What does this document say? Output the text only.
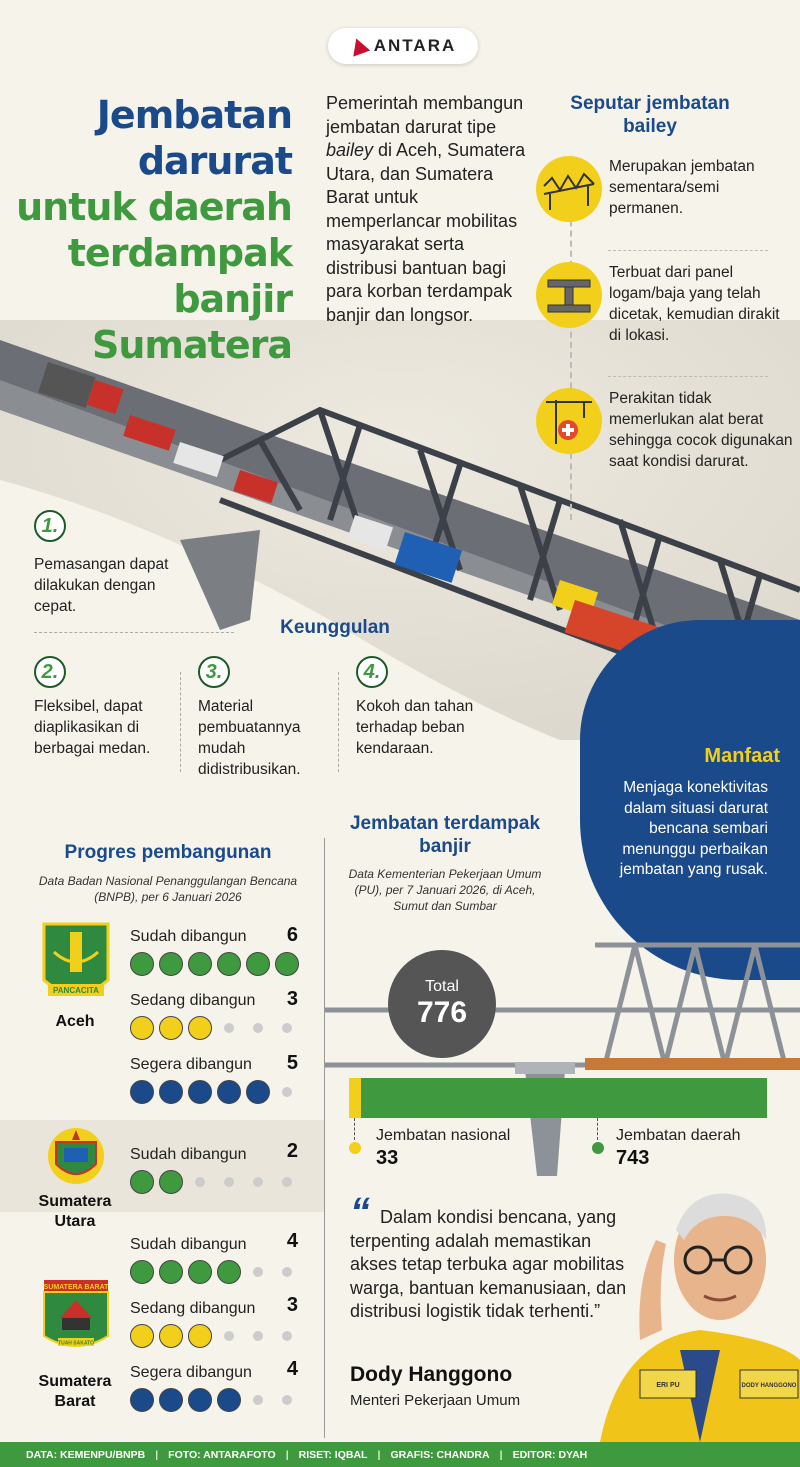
ANTARA
Jembatan
darurat
untuk daerah
terdampak
banjir
Sumatera
Pemerintah membangun jembatan darurat tipe bailey di Aceh, Sumatera Utara, dan Sumatera Barat untuk memperlancar mobilitas masyarakat serta distribusi bantuan bagi para korban terdampak banjir dan longsor.
Seputar jembatan bailey
Merupakan jembatan sementara/semi permanen.
Terbuat dari panel logam/baja yang telah dicetak, kemudian dirakit di lokasi.
Perakitan tidak memerlukan alat berat sehingga cocok digunakan saat kondisi darurat.
1.
Pemasangan dapat dilakukan dengan cepat.
Keunggulan
2.
Fleksibel, dapat diaplikasikan di berbagai medan.
3.
Material pembuatannya mudah didistribusikan.
4.
Kokoh dan tahan terhadap beban kendaraan.	Manfaat
Menjaga konektivitas dalam situasi darurat bencana sembari menunggu perbaikan jembatan yang rusak.
Progres pembangunan
Data Badan Nasional Penanggulangan Bencana (BNPB), per 6 Januari 2026
PANCACITA
Aceh
Sudah dibangun	6
Sedang dibangun	3
Segera dibangun	5
Sumatera Utara
Sudah dibangun	2
SUMATERA BARAT
TUAH SAKATO
Sumatera Barat
Sudah dibangun	4
Sedang dibangun	3
Segera dibangun	4
Jembatan terdampak banjir
Data Kementerian Pekerjaan Umum (PU), per 7 Januari 2026, di Aceh, Sumut dan Sumbar
Total
776
Jembatan nasional
33
Jembatan daerah
743
“ Dalam kondisi bencana, yang terpenting adalah memastikan akses tetap terbuka agar mobilitas warga, bantuan kemanusiaan, dan distribusi logistik tidak terhenti.”
Dody Hanggono
Menteri Pekerjaan Umum
ERI PU	DODY HANGGONO
DATA: KEMENPU/BNPB | FOTO: ANTARAFOTO | RISET: IQBAL | GRAFIS: CHANDRA | EDITOR: DYAH
